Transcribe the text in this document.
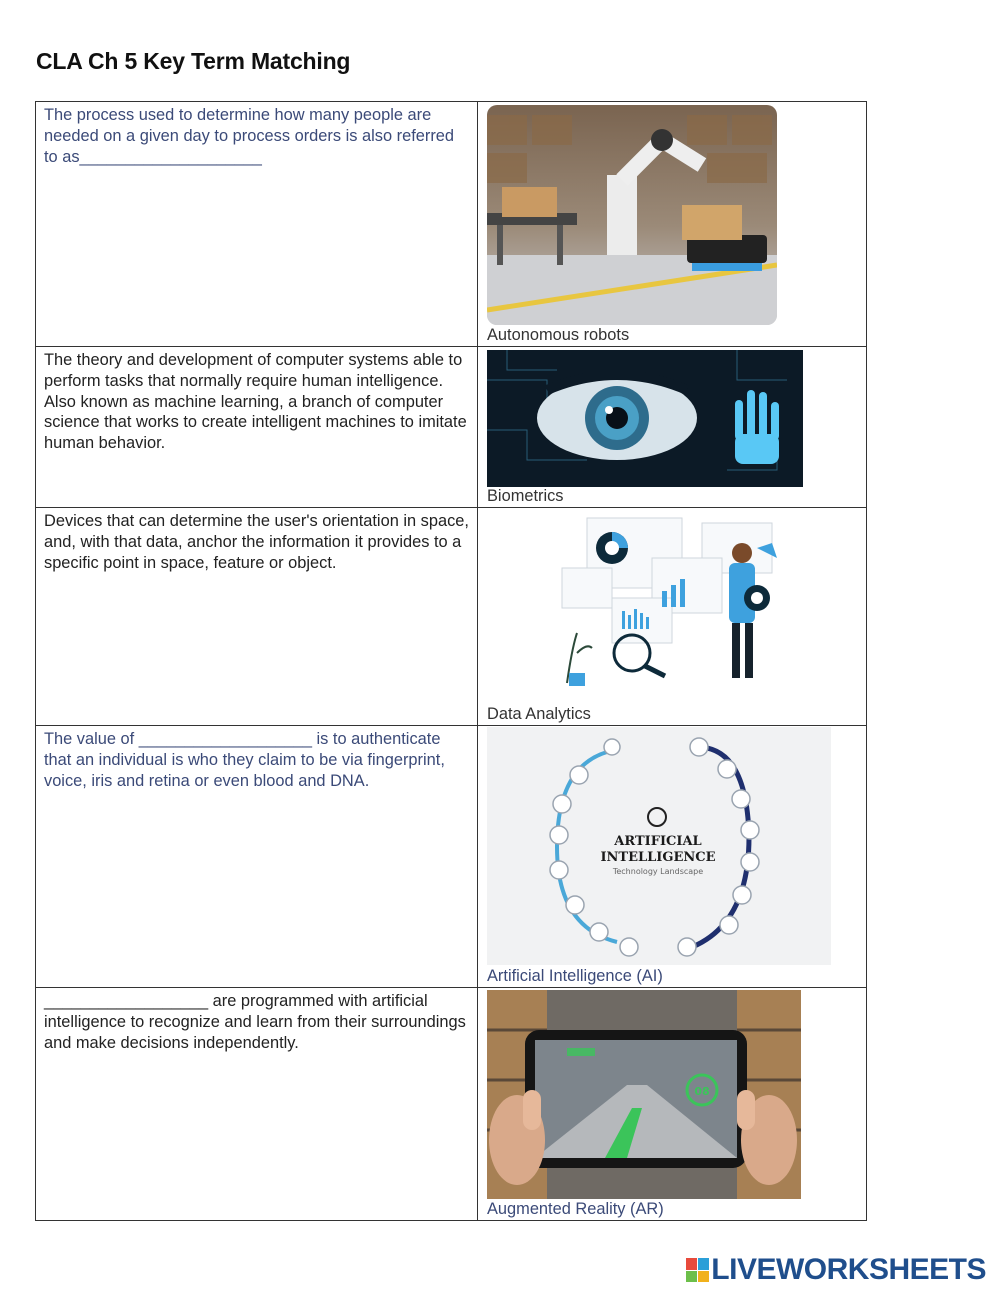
CLA Ch 5 Key Term Matching
The process used to determine how many people are needed on a given day to process orders is also referred to as____________________	Autonomous robots

The theory and development of computer systems able to perform tasks that normally require human intelligence. Also known as machine learning, a branch of computer science that works to create intelligent machines to imitate human behavior.	Biometrics

Devices that can determine the user's orientation in space, and, with that data, anchor the information it provides to a specific point in space, feature or object.	Data Analytics

The value of ___________________ is to authenticate that an individual is who they claim to be via fingerprint, voice, iris and retina or even blood and DNA.	ARTIFICIAL
INTELLIGENCE
Technology Landscape
Artificial Intelligence (AI)

__________________ are programmed with artificial intelligence to recognize and learn from their surroundings and make decisions independently.	08
Augmented Reality (AR)
LIVEWORKSHEETS
